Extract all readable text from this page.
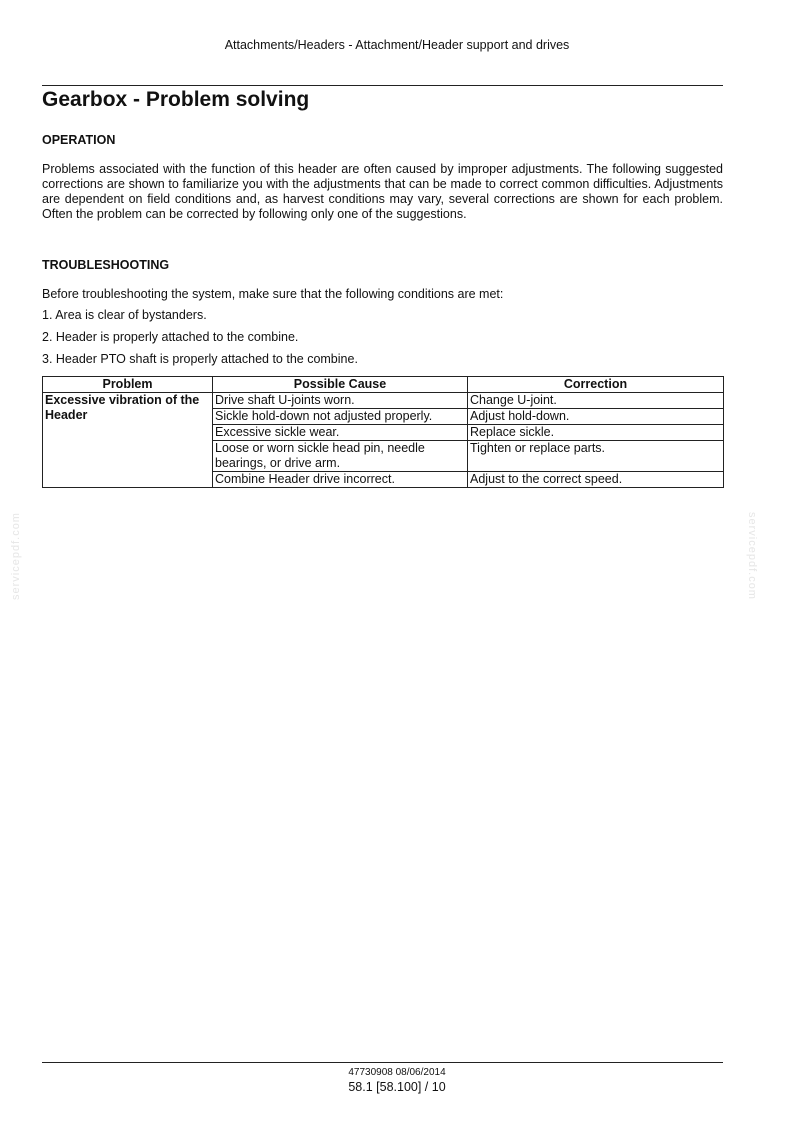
Attachments/Headers - Attachment/Header support and drives
Gearbox - Problem solving
OPERATION

Problems associated with the function of this header are often caused by improper adjustments. The following suggested corrections are shown to familiarize you with the adjustments that can be made to correct common difficulties. Adjustments are dependent on field conditions and, as harvest conditions may vary, several corrections are shown for each problem. Often the problem can be corrected by following only one of the suggestions.

TROUBLESHOOTING

Before troubleshooting the system, make sure that the following conditions are met:

1. Area is clear of bystanders.
2. Header is properly attached to the combine.
3. Header PTO shaft is properly attached to the combine.
Problem	Possible Cause	Correction
Excessive vibration of the Header	Drive shaft U-joints worn.	Change U-joint.
	Sickle hold-down not adjusted properly.	Adjust hold-down.
	Excessive sickle wear.	Replace sickle.
	Loose or worn sickle head pin, needle bearings, or drive arm.	Tighten or replace parts.
	Combine Header drive incorrect.	Adjust to the correct speed.
servicepdf.com	servicepdf.com
47730908 08/06/2014
58.1 [58.100] / 10
